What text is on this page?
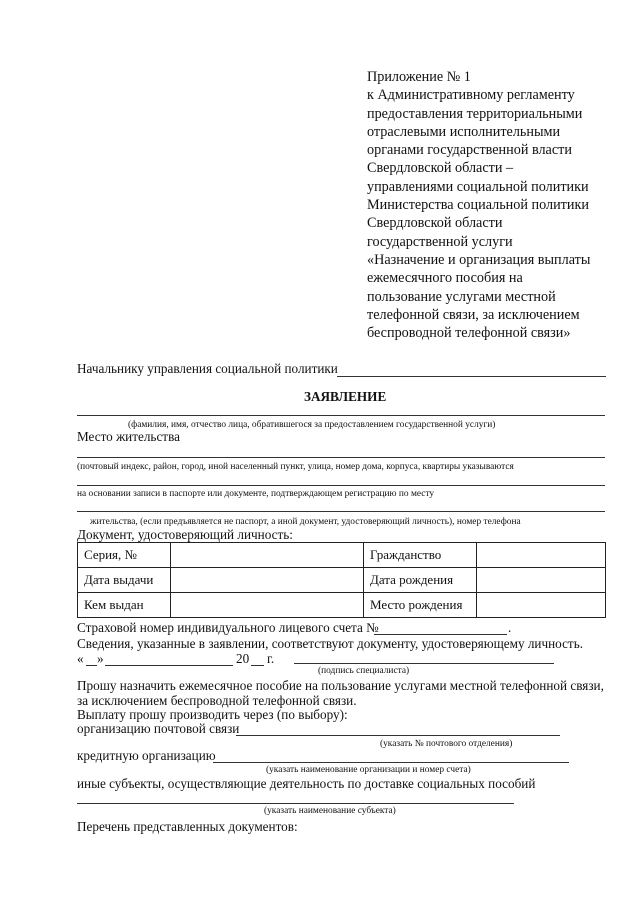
Приложение № 1
к Административному регламенту
предоставления территориальными
отраслевыми исполнительными
органами государственной власти
Свердловской области –
управлениями социальной политики
Министерства социальной политики
Свердловской области
государственной услуги
«Назначение и организация выплаты
ежемесячного пособия на
пользование услугами местной
телефонной связи, за исключением
беспроводной телефонной связи»
Начальнику управления социальной политики
ЗАЯВЛЕНИЕ
(фамилия, имя, отчество лица, обратившегося за предоставлением государственной услуги)
Место жительства
(почтовый индекс, район, город, иной населенный пункт, улица, номер дома, корпуса, квартиры указываются
на основании записи в паспорте или документе, подтверждающем регистрацию по месту
жительства, (если предъявляется не паспорт, а иной документ, удостоверяющий личность), номер телефона
Документ, удостоверяющий личность:
Серия, №		Гражданство	
Дата выдачи		Дата рождения	
Кем выдан		Место рождения	
Страховой номер индивидуального лицевого счета №	.
Сведения, указанные в заявлении, соответствуют документу, удостоверяющему личность.
« »	20 г.
(подпись специалиста)
Прошу назначить ежемесячное пособие на пользование услугами местной телефонной связи,
за исключением беспроводной телефонной связи.
Выплату прошу производить через (по выбору):
организацию почтовой связи
(указать № почтового отделения)
кредитную организацию
(указать наименование организации и номер счета)
иные субъекты, осуществляющие деятельность по доставке социальных пособий
(указать наименование субъекта)
Перечень представленных документов:
